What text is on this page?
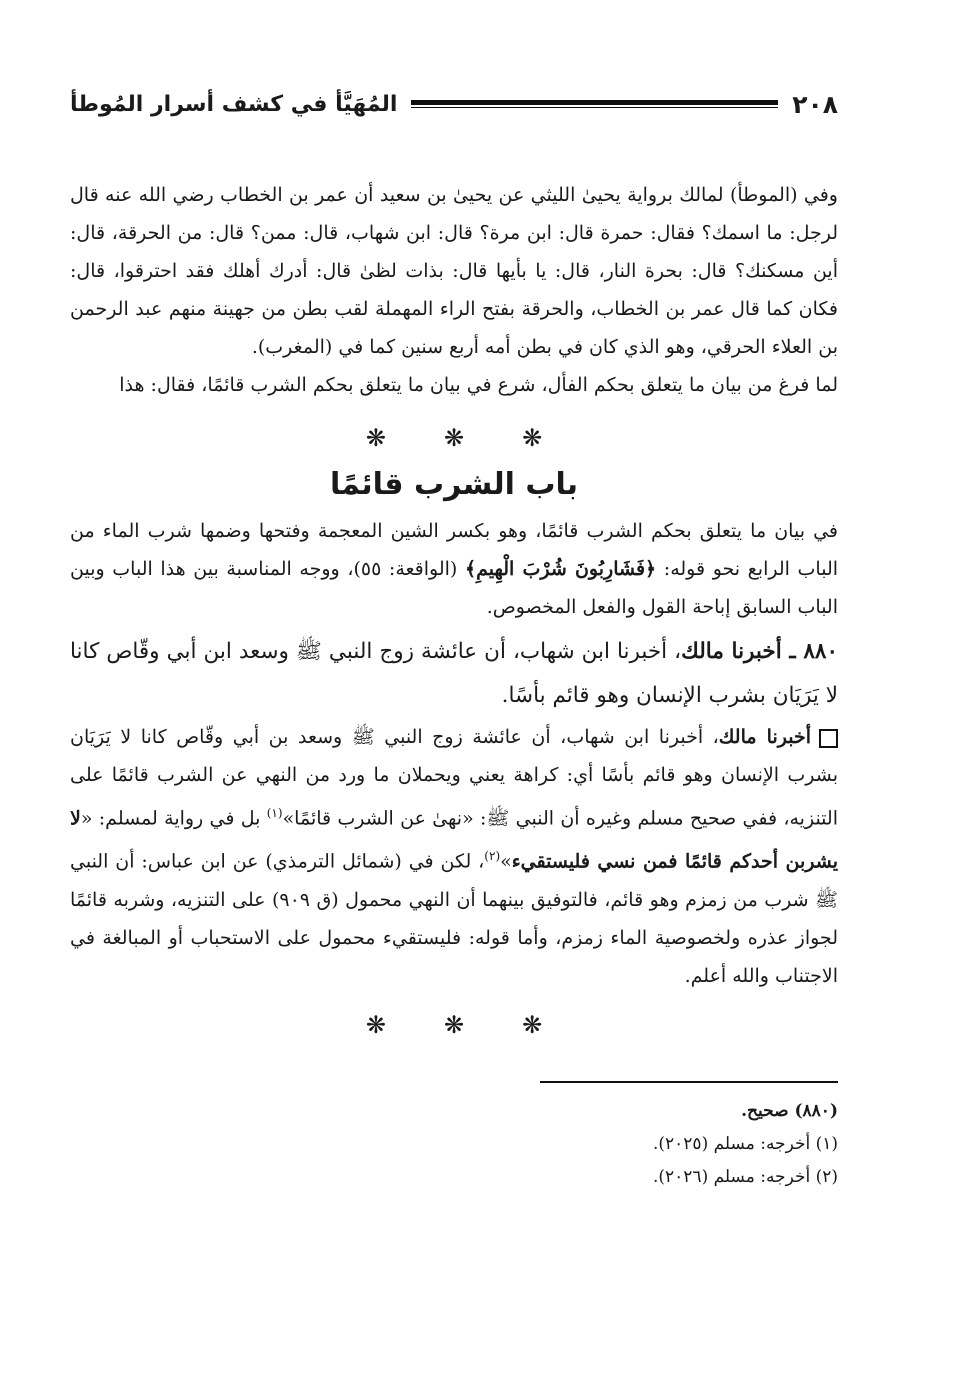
٢٠٨
المُهَيَّأ في كشف أسرار المُوطأ

وفي (الموطأ) لمالك برواية يحيىٰ الليثي عن يحيىٰ بن سعيد أن عمر بن الخطاب رضي الله عنه قال لرجل: ما اسمك؟ فقال: حمرة قال: ابن مرة؟ قال: ابن شهاب، قال: ممن؟ قال: من الحرقة، قال: أين مسكنك؟ قال: بحرة النار، قال: يا بأيها قال: بذات لظىٰ قال: أدرك أهلك فقد احترقوا، قال: فكان كما قال عمر بن الخطاب، والحرقة بفتح الراء المهملة لقب بطن من جهينة منهم عبد الرحمن بن العلاء الحرقي، وهو الذي كان في بطن أمه أربع سنين كما في (المغرب).

لما فرغ من بيان ما يتعلق بحكم الفأل، شرع في بيان ما يتعلق بحكم الشرب قائمًا، فقال: هذا

❋
❋
❋
باب الشرب قائمًا

في بيان ما يتعلق بحكم الشرب قائمًا، وهو بكسر الشين المعجمة وفتحها وضمها شرب الماء من الباب الرابع نحو قوله: ﴿فَشَارِبُونَ شُرْبَ الْهِيمِ﴾ (الواقعة: ٥٥)، ووجه المناسبة بين هذا الباب وبين الباب السابق إباحة القول والفعل المخصوص.

٨٨٠ ـ أخبرنا مالك، أخبرنا ابن شهاب، أن عائشة زوج النبي ﷺ وسعد ابن أبي وقّاص كانا لا يَرَيَان بشرب الإنسان وهو قائم بأسًا.

أخبرنا مالك، أخبرنا ابن شهاب، أن عائشة زوج النبي ﷺ وسعد بن أبي وقّاص كانا لا يَرَيَان بشرب الإنسان وهو قائم بأسًا أي: كراهة يعني ويحملان ما ورد من النهي عن الشرب قائمًا على التنزيه، ففي صحيح مسلم وغيره أن النبي ﷺ: «نهىٰ عن الشرب قائمًا»$^{(١)}$ بل في رواية لمسلم: «لا يشربن أحدكم قائمًا فمن نسي فليستقيء»$^{(٢)}$، لكن في (شمائل الترمذي) عن ابن عباس: أن النبي ﷺ شرب من زمزم وهو قائم، فالتوفيق بينهما أن النهي محمول (ق ٩٠٩) على التنزيه، وشربه قائمًا لجواز عذره ولخصوصية الماء زمزم، وأما قوله: فليستقيء محمول على الاستحباب أو المبالغة في الاجتناب والله أعلم.

❋
❋
❋

(٨٨٠) صحيح.

(١) أخرجه: مسلم (٢٠٢٥).

(٢) أخرجه: مسلم (٢٠٢٦).
